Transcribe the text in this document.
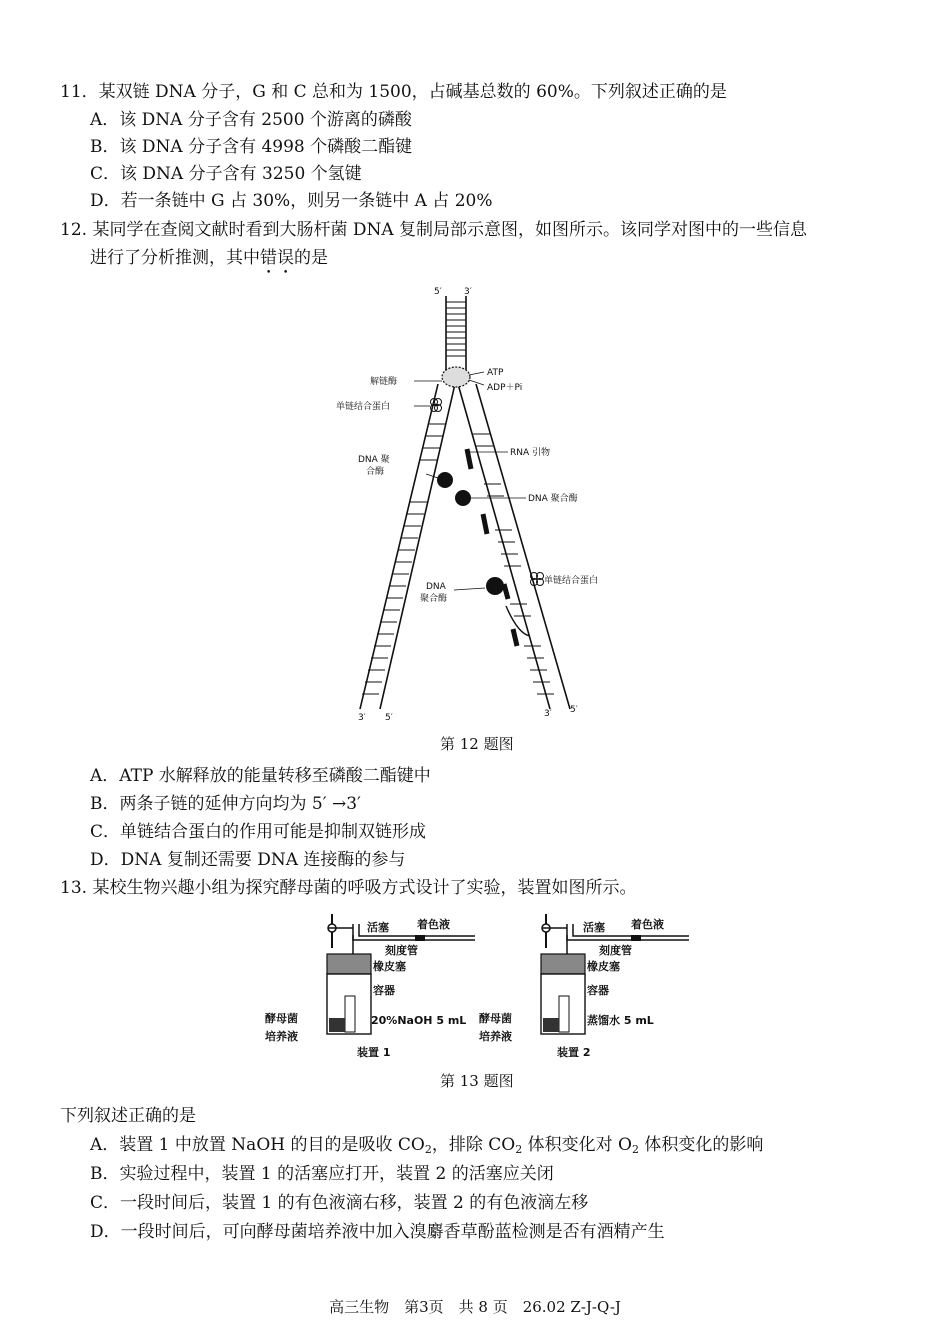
11．某双链 DNA 分子，G 和 C 总和为 1500，占碱基总数的 60%。下列叙述正确的是
A．该 DNA 分子含有 2500 个游离的磷酸
B．该 DNA 分子含有 4998 个磷酸二酯键
C．该 DNA 分子含有 3250 个氢键
D．若一条链中 G 占 30%，则另一条链中 A 占 20%
12. 某同学在查阅文献时看到大肠杆菌 DNA 复制局部示意图，如图所示。该同学对图中的一些信息
进行了分析推测，其中错误的是
5′ 3′
解链酶
ATP
ADP＋Pi
单链结合蛋白
RNA 引物
DNA 聚
合酶
DNA 聚合酶
单链结合蛋白
DNA
聚合酶
3′ 5′	3′ 5′
第 12 题图
A．ATP 水解释放的能量转移至磷酸二酯键中
B．两条子链的延伸方向均为 5′ →3′
C．单链结合蛋白的作用可能是抑制双链形成
D．DNA 复制还需要 DNA 连接酶的参与
13. 某校生物兴趣小组为探究酵母菌的呼吸方式设计了实验，装置如图所示。
活塞	着色液
刻度管
橡皮塞
容器
酵母菌
培养液
20%NaOH 5 mL
装置 1
活塞 着色液
刻度管
橡皮塞
容器
酵母菌
培养液
蒸馏水 5 mL
装置 2
第 13 题图
下列叙述正确的是
A．装置 1 中放置 NaOH 的目的是吸收 $CO_2$，排除 $CO_2$ 体积变化对 $O_2$ 体积变化的影响
B．实验过程中，装置 1 的活塞应打开，装置 2 的活塞应关闭
C．一段时间后，装置 1 的有色液滴右移，装置 2 的有色液滴左移
D．一段时间后，可向酵母菌培养液中加入溴麝香草酚蓝检测是否有酒精产生
高三生物　第3页　共 8 页　26.02 Z-J-Q-J
